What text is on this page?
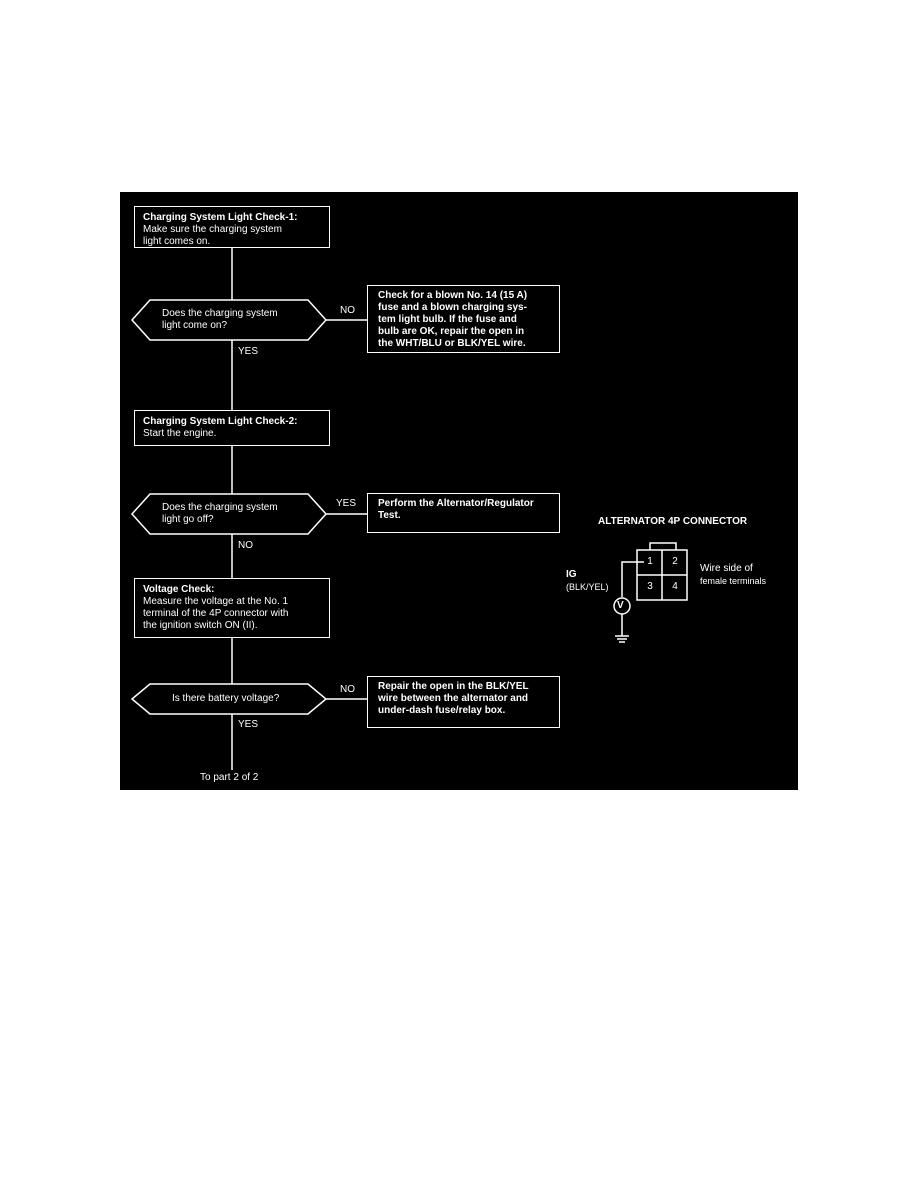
Charging System Light Check-1:
Make sure the charging system
light comes on.
Does the charging system
light come on?
NO
YES
Check for a blown No. 14 (15 A)
fuse and a blown charging sys-
tem light bulb. If the fuse and
bulb are OK, repair the open in
the WHT/BLU or BLK/YEL wire.
Charging System Light Check-2:
Start the engine.
Does the charging system
light go off?
YES
NO
Perform the Alternator/Regulator
Test.
Voltage Check:
Measure the voltage at the No. 1
terminal of the 4P connector with
the ignition switch ON (II).
Is there battery voltage?
NO
YES
Repair the open in the BLK/YEL
wire between the alternator and
under-dash fuse/relay box.
To part 2 of 2
ALTERNATOR 4P CONNECTOR
1	2
3	4
IG
(BLK/YEL)
V
Wire side of
female terminals
